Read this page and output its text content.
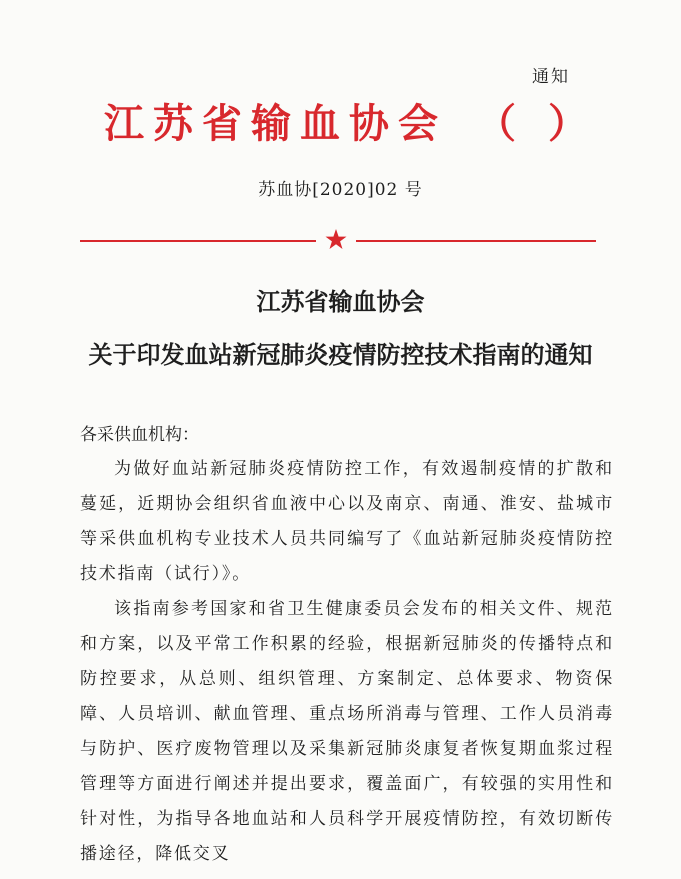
通知
江苏省输血协会 （ ）
苏血协[2020]02 号
江苏省输血协会
关于印发血站新冠肺炎疫情防控技术指南的通知
各采供血机构：
为做好血站新冠肺炎疫情防控工作，有效遏制疫情的扩散和蔓延，近期协会组织省血液中心以及南京、南通、淮安、盐城市等采供血机构专业技术人员共同编写了《血站新冠肺炎疫情防控技术指南（试行）》。
该指南参考国家和省卫生健康委员会发布的相关文件、规范和方案，以及平常工作积累的经验，根据新冠肺炎的传播特点和防控要求，从总则、组织管理、方案制定、总体要求、物资保障、人员培训、献血管理、重点场所消毒与管理、工作人员消毒与防护、医疗废物管理以及采集新冠肺炎康复者恢复期血浆过程管理等方面进行阐述并提出要求，覆盖面广，有较强的实用性和针对性，为指导各地血站和人员科学开展疫情防控，有效切断传播途径，降低交叉
